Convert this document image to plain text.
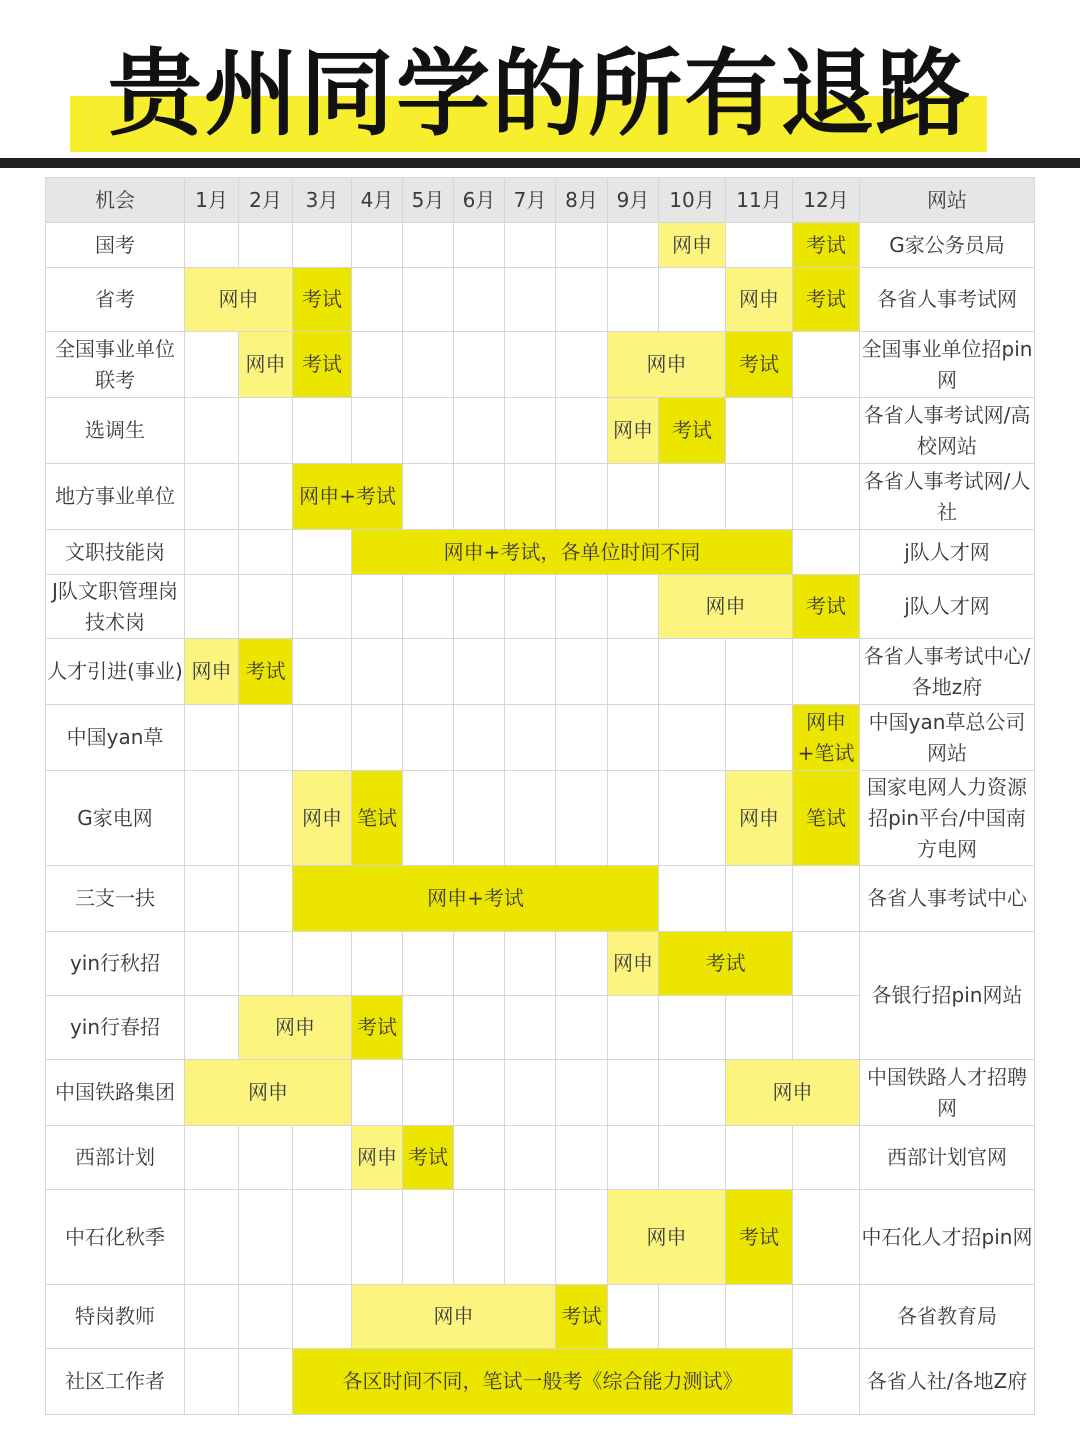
贵州同学的所有退路
机会	1月	2月	3月	4月	5月	6月	7月	8月	9月	10月	11月	12月	网站
国考										网申		考试	G家公务员局
省考	网申		考试								网申	考试	各省人事考试网
全国事业单位联考		网申	考试						网申		考试		全国事业单位招pin网
选调生									网申	考试			各省人事考试网/高校网站
地方事业单位			网申+考试										各省人事考试网/人社
文职技能岗				网申+考试，各单位时间不同									j队人才网
J队文职管理岗技术岗										网申		考试	j队人才网
人才引进(事业)	网申	考试											各省人事考试中心/各地z府
中国yan草												网申+笔试	中国yan草总公司网站
G家电网			网申	笔试							网申	笔试	国家电网人力资源招pin平台/中国南方电网
三支一扶			网申+考试										各省人事考试中心
yin行秋招									网申	考试			各银行招pin网站
yin行春招		网申		考试									
中国铁路集团	网申										网申		中国铁路人才招聘网
西部计划				网申	考试								西部计划官网
中石化秋季									网申		考试		中石化人才招pin网
特岗教师				网申				考试					各省教育局
社区工作者			各区时间不同，笔试一般考《综合能力测试》										各省人社/各地Z府
